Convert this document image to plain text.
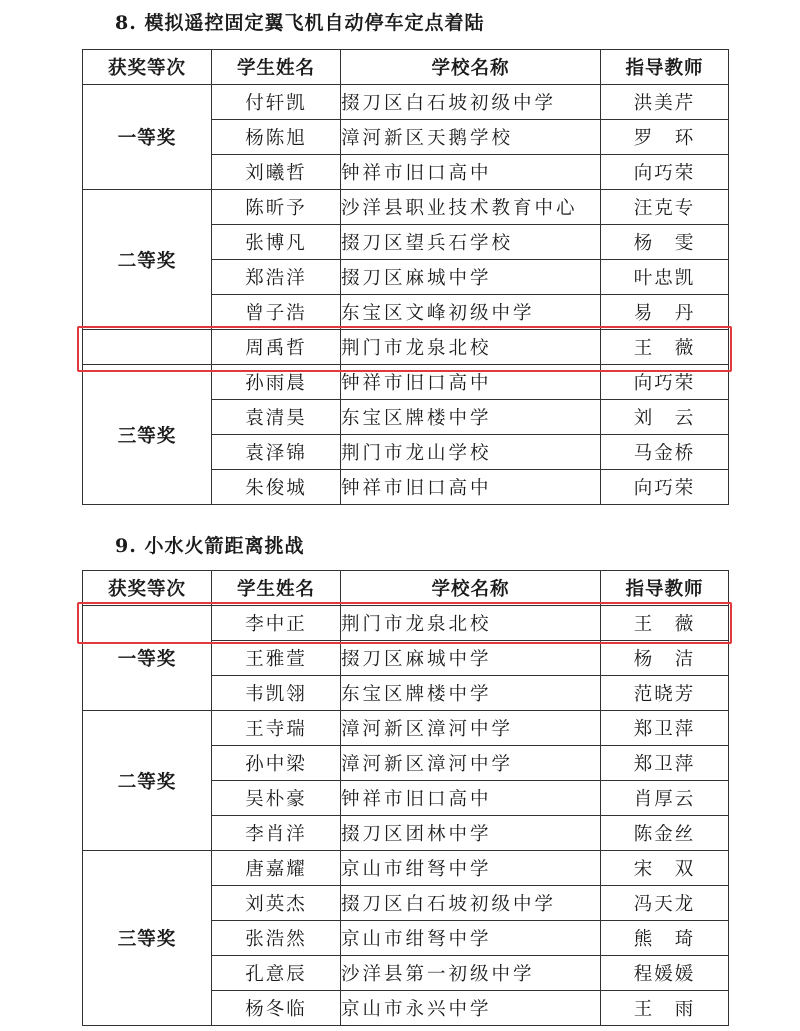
8. 模拟遥控固定翼飞机自动停车定点着陆
获奖等次	学生姓名	学校名称	指导教师
一等奖	付轩凯	掇刀区白石坡初级中学	洪美芹
	杨陈旭	漳河新区天鹅学校	罗　环
	刘曦哲	钟祥市旧口高中	向巧荣
二等奖	陈昕予	沙洋县职业技术教育中心	汪克专
	张博凡	掇刀区望兵石学校	杨　雯
	郑浩洋	掇刀区麻城中学	叶忠凯
	曾子浩	东宝区文峰初级中学	易　丹
	周禹哲	荆门市龙泉北校	王　薇
三等奖	孙雨晨	钟祥市旧口高中	向巧荣
	袁清昊	东宝区牌楼中学	刘　云
	袁泽锦	荆门市龙山学校	马金桥
	朱俊城	钟祥市旧口高中	向巧荣
9. 小水火箭距离挑战
获奖等次	学生姓名	学校名称	指导教师
一等奖	李中正	荆门市龙泉北校	王　薇
	王雅萱	掇刀区麻城中学	杨　洁
	韦凯翎	东宝区牌楼中学	范晓芳
二等奖	王寺瑞	漳河新区漳河中学	郑卫萍
	孙中梁	漳河新区漳河中学	郑卫萍
	吴朴豪	钟祥市旧口高中	肖厚云
	李肖洋	掇刀区团林中学	陈金丝
三等奖	唐嘉耀	京山市绀弩中学	宋　双
	刘英杰	掇刀区白石坡初级中学	冯天龙
	张浩然	京山市绀弩中学	熊　琦
	孔意辰	沙洋县第一初级中学	程媛媛
	杨冬临	京山市永兴中学	王　雨
